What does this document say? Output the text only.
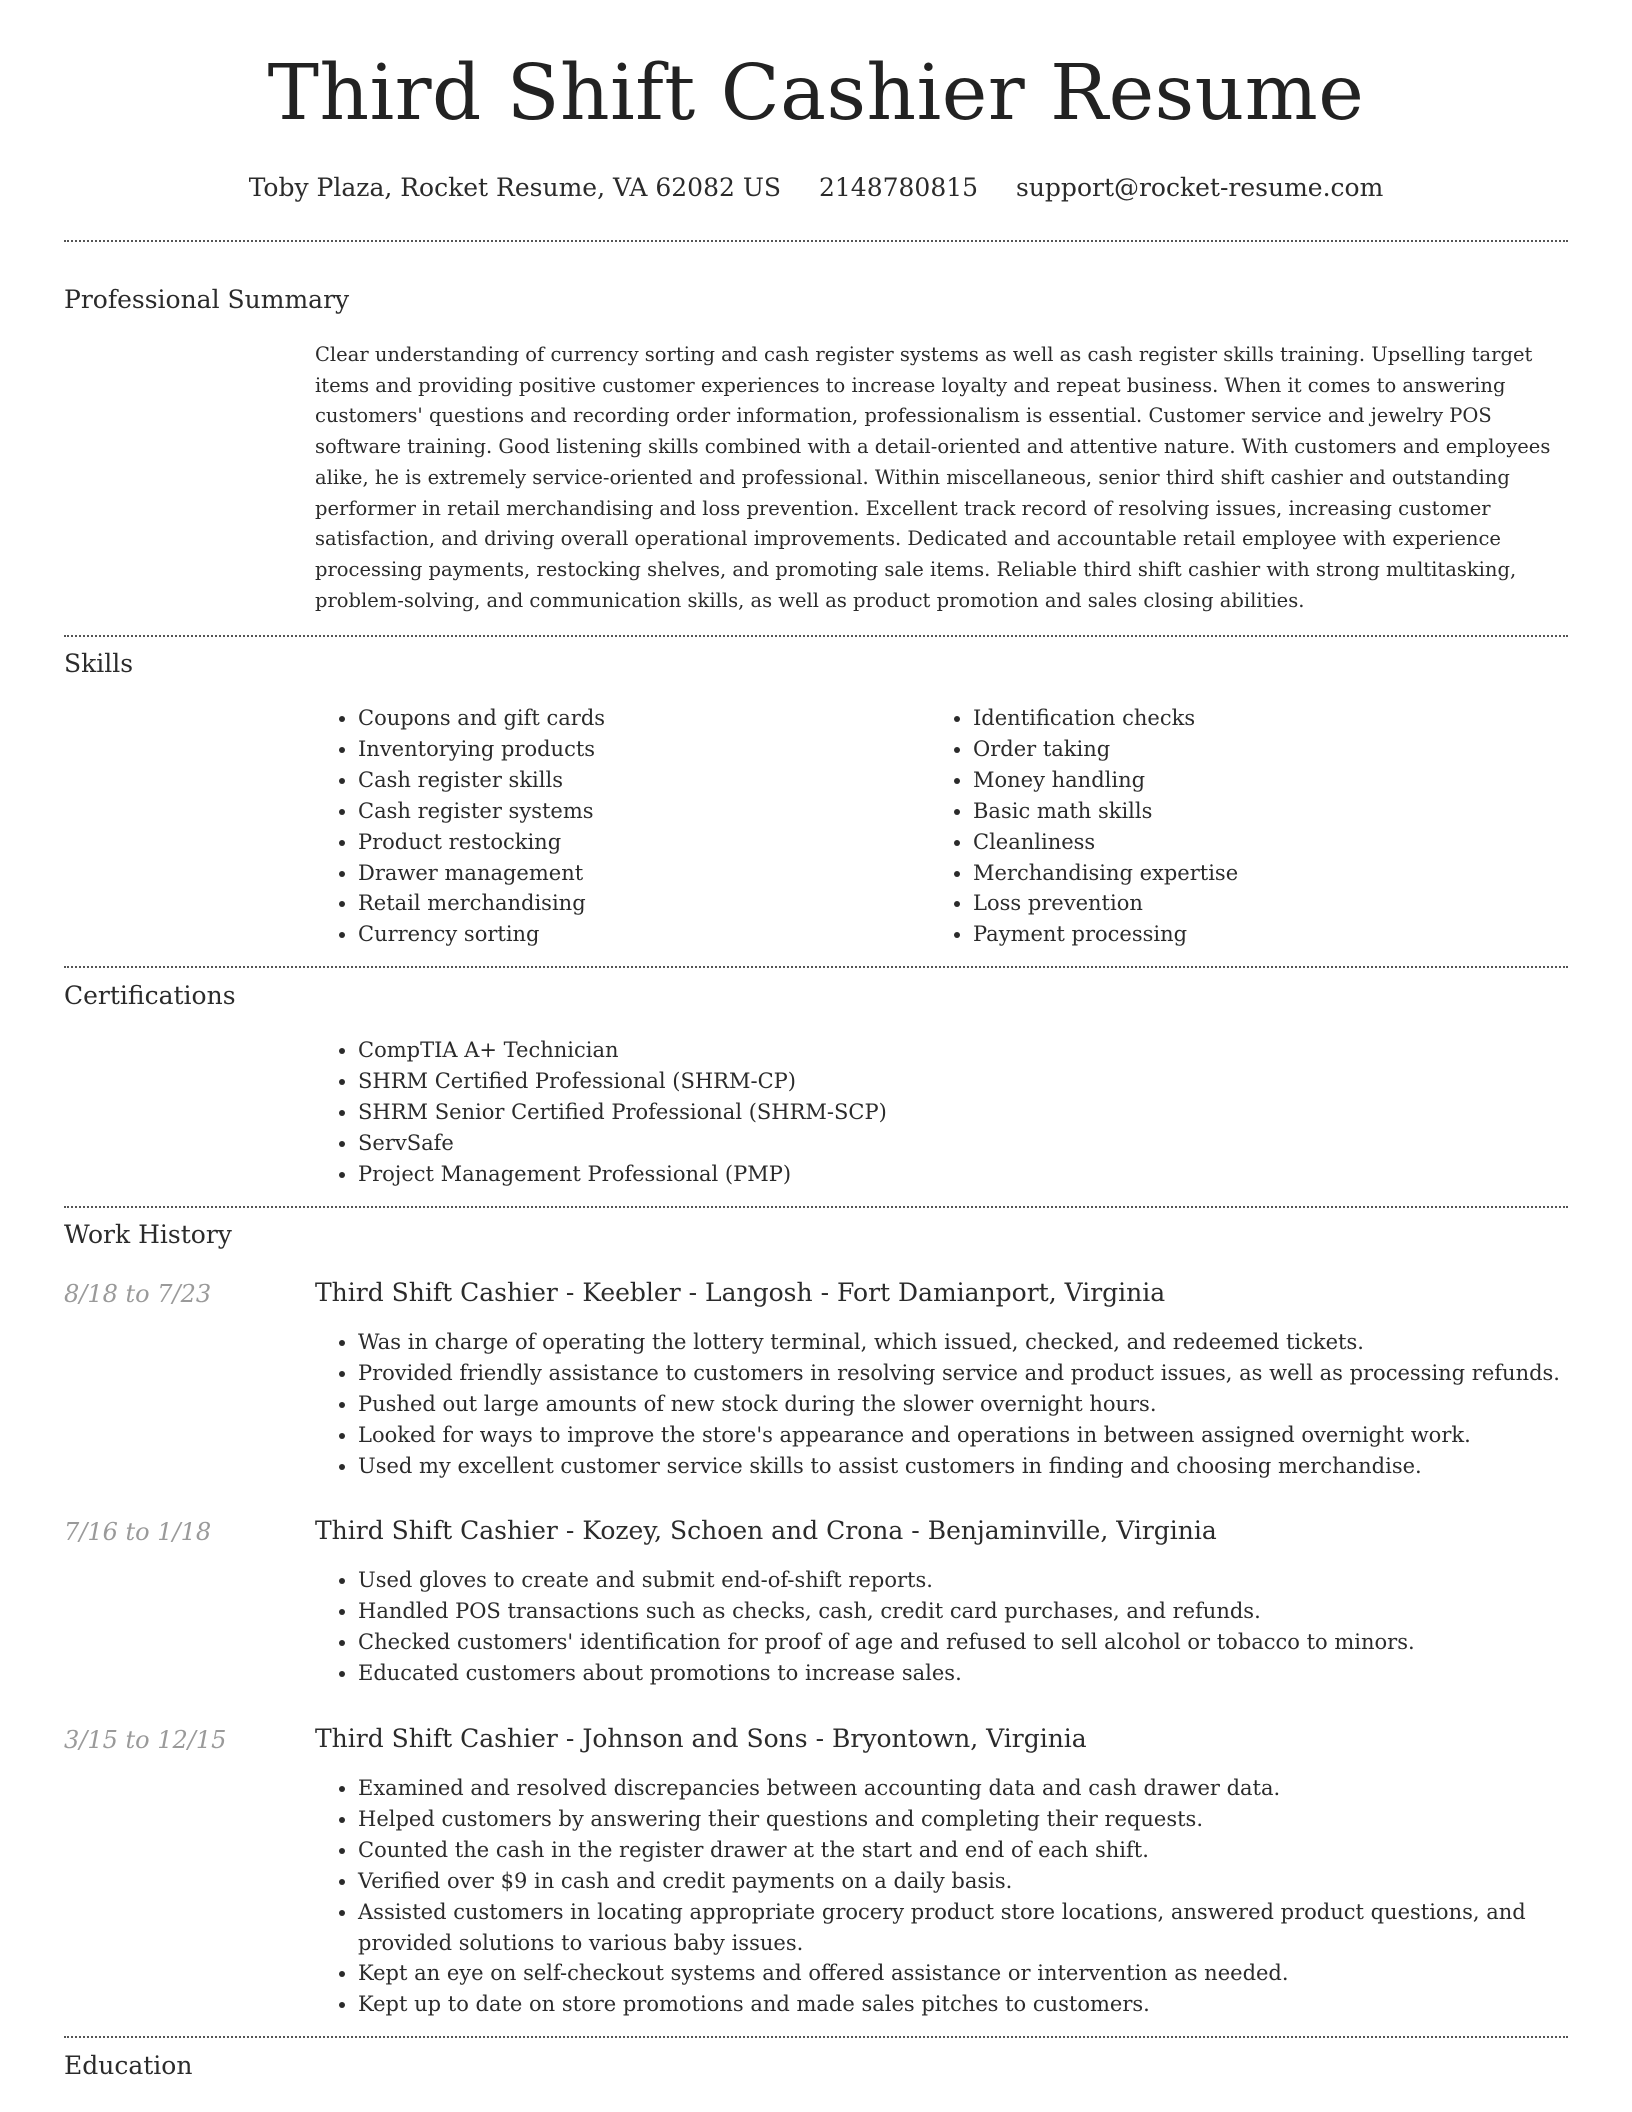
Third Shift Cashier Resume
Toby Plaza, Rocket Resume, VA 62082 US 2148780815 support@rocket-resume.com
Professional Summary

Clear understanding of currency sorting and cash register systems as well as cash register skills training. Upselling target items and providing positive customer experiences to increase loyalty and repeat business. When it comes to answering customers' questions and recording order information, professionalism is essential. Customer service and jewelry POS software training. Good listening skills combined with a detail-oriented and attentive nature. With customers and employees alike, he is extremely service-oriented and professional. Within miscellaneous, senior third shift cashier and outstanding performer in retail merchandising and loss prevention. Excellent track record of resolving issues, increasing customer satisfaction, and driving overall operational improvements. Dedicated and accountable retail employee with experience processing payments, restocking shelves, and promoting sale items. Reliable third shift cashier with strong multitasking, problem-solving, and communication skills, as well as product promotion and sales closing abilities.

Skills
• Coupons and gift cards
• Inventorying products
• Cash register skills
• Cash register systems
• Product restocking
• Drawer management
• Retail merchandising
• Currency sorting
• Identification checks
• Order taking
• Money handling
• Basic math skills
• Cleanliness
• Merchandising expertise
• Loss prevention
• Payment processing
Certifications
• CompTIA A+ Technician
• SHRM Certified Professional (SHRM-CP)
• SHRM Senior Certified Professional (SHRM-SCP)
• ServSafe
• Project Management Professional (PMP)
Work History
8/18 to 7/23	Third Shift Cashier - Keebler - Langosh - Fort Damianport, Virginia
• Was in charge of operating the lottery terminal, which issued, checked, and redeemed tickets.
• Provided friendly assistance to customers in resolving service and product issues, as well as processing refunds.
• Pushed out large amounts of new stock during the slower overnight hours.
• Looked for ways to improve the store's appearance and operations in between assigned overnight work.
• Used my excellent customer service skills to assist customers in finding and choosing merchandise.
7/16 to 1/18	Third Shift Cashier - Kozey, Schoen and Crona - Benjaminville, Virginia
• Used gloves to create and submit end-of-shift reports.
• Handled POS transactions such as checks, cash, credit card purchases, and refunds.
• Checked customers' identification for proof of age and refused to sell alcohol or tobacco to minors.
• Educated customers about promotions to increase sales.
3/15 to 12/15	Third Shift Cashier - Johnson and Sons - Bryontown, Virginia
• Examined and resolved discrepancies between accounting data and cash drawer data.
• Helped customers by answering their questions and completing their requests.
• Counted the cash in the register drawer at the start and end of each shift.
• Verified over $9 in cash and credit payments on a daily basis.
• Assisted customers in locating appropriate grocery product store locations, answered product questions, and provided solutions to various baby issues.
• Kept an eye on self-checkout systems and offered assistance or intervention as needed.
• Kept up to date on store promotions and made sales pitches to customers.
Education
